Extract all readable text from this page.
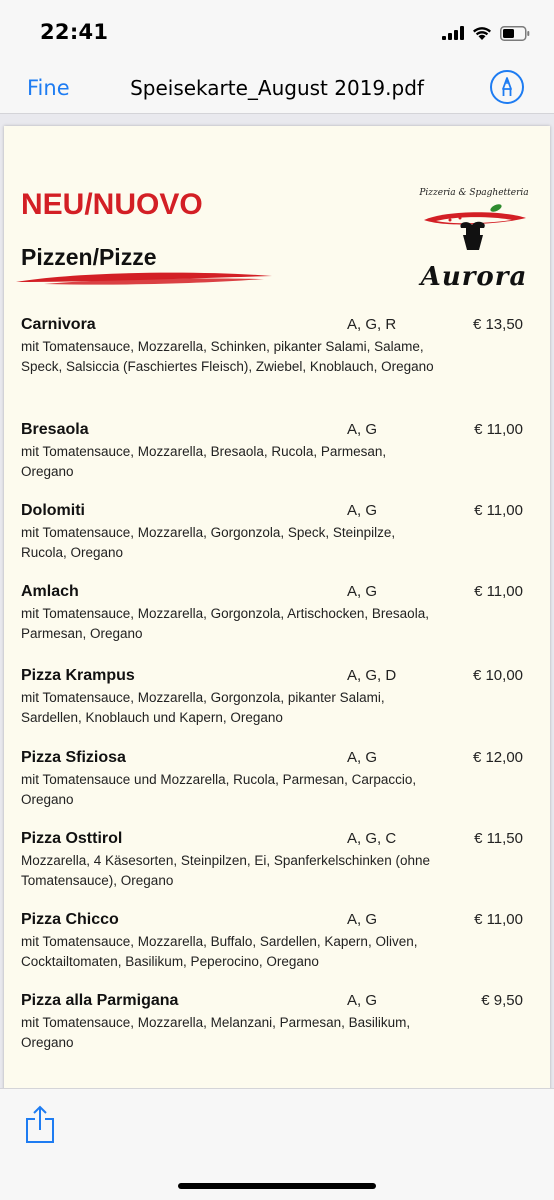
22:41
Fine	Speisekarte_August 2019.pdf
NEU/NUOVO
Pizzen/Pizze
Pizzeria & Spaghetteria
Aurora
Carnivora	A, G, R	€ 13,50
mit Tomatensauce, Mozzarella, Schinken, pikanter Salami, Salame, Speck, Salsiccia (Faschiertes Fleisch), Zwiebel, Knoblauch, Oregano
Bresaola	A, G	€ 11,00
mit Tomatensauce, Mozzarella, Bresaola, Rucola, Parmesan, Oregano
Dolomiti	A, G	€ 11,00
mit Tomatensauce, Mozzarella, Gorgonzola, Speck, Steinpilze, Rucola, Oregano
Amlach	A, G	€ 11,00
mit Tomatensauce, Mozzarella, Gorgonzola, Artischocken, Bresaola, Parmesan, Oregano
Pizza Krampus	A, G, D	€ 10,00
mit Tomatensauce, Mozzarella, Gorgonzola, pikanter Salami, Sardellen, Knoblauch und Kapern, Oregano
Pizza Sfiziosa	A, G	€ 12,00
mit Tomatensauce und Mozzarella, Rucola, Parmesan, Carpaccio, Oregano
Pizza Osttirol	A, G, C	€ 11,50
Mozzarella, 4 Käsesorten, Steinpilzen, Ei, Spanferkelschinken (ohne Tomatensauce), Oregano
Pizza Chicco	A, G	€ 11,00
mit Tomatensauce, Mozzarella, Buffalo, Sardellen, Kapern, Oliven, Cocktailtomaten, Basilikum, Peperocino, Oregano
Pizza alla Parmigana	A, G	€ 9,50
mit Tomatensauce, Mozzarella, Melanzani, Parmesan, Basilikum, Oregano
